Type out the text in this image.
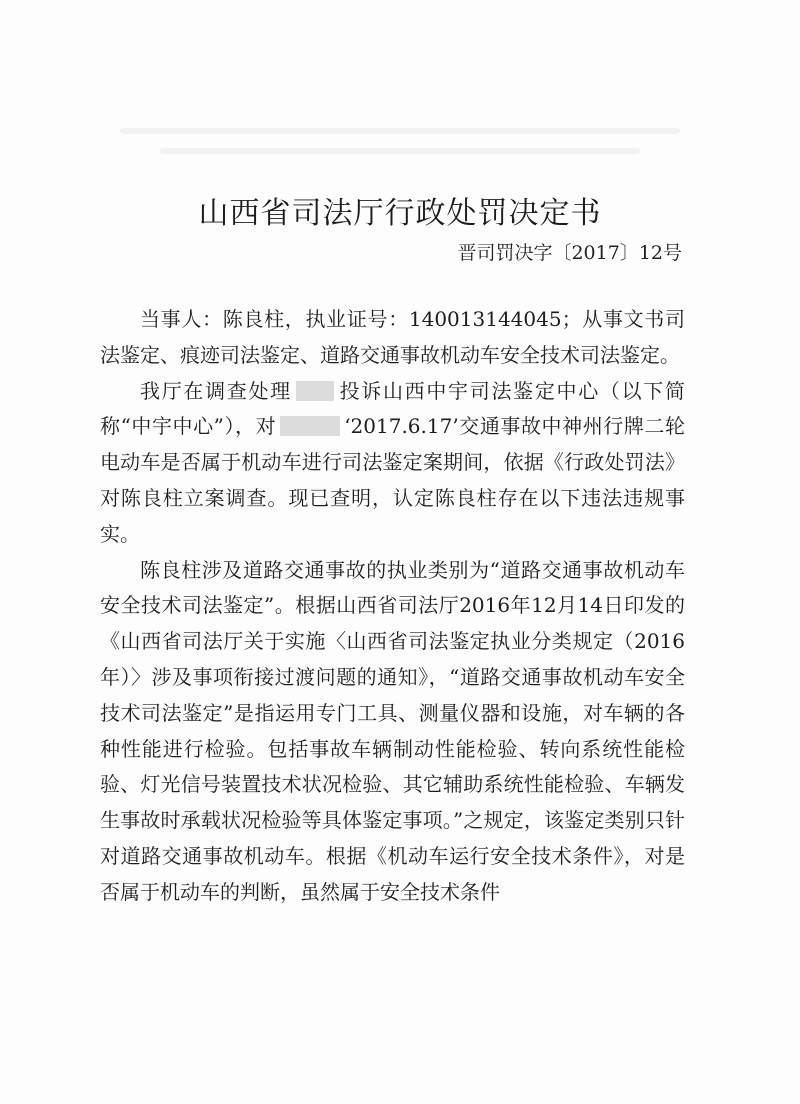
山西省司法厅行政处罚决定书
晋司罚决字〔2017〕12号

当事人：陈良柱，执业证号：140013144045；从事文书司法鉴定、痕迹司法鉴定、道路交通事故机动车安全技术司法鉴定。

我厅在调查处理 投诉山西中宇司法鉴定中心（以下简称“中宇中心”），对	‘2017.6.17’交通事故中神州行牌二轮电动车是否属于机动车进行司法鉴定案期间，依据《行政处罚法》对陈良柱立案调查。现已查明，认定陈良柱存在以下违法违规事实。

陈良柱涉及道路交通事故的执业类别为“道路交通事故机动车安全技术司法鉴定”。根据山西省司法厅2016年12月14日印发的《山西省司法厅关于实施〈山西省司法鉴定执业分类规定（2016年）〉涉及事项衔接过渡问题的通知》，“道路交通事故机动车安全技术司法鉴定”是指运用专门工具、测量仪器和设施，对车辆的各种性能进行检验。包括事故车辆制动性能检验、转向系统性能检验、灯光信号装置技术状况检验、其它辅助系统性能检验、车辆发生事故时承载状况检验等具体鉴定事项。”之规定，该鉴定类别只针对道路交通事故机动车。根据《机动车运行安全技术条件》，对是否属于机动车的判断，虽然属于安全技术条件
